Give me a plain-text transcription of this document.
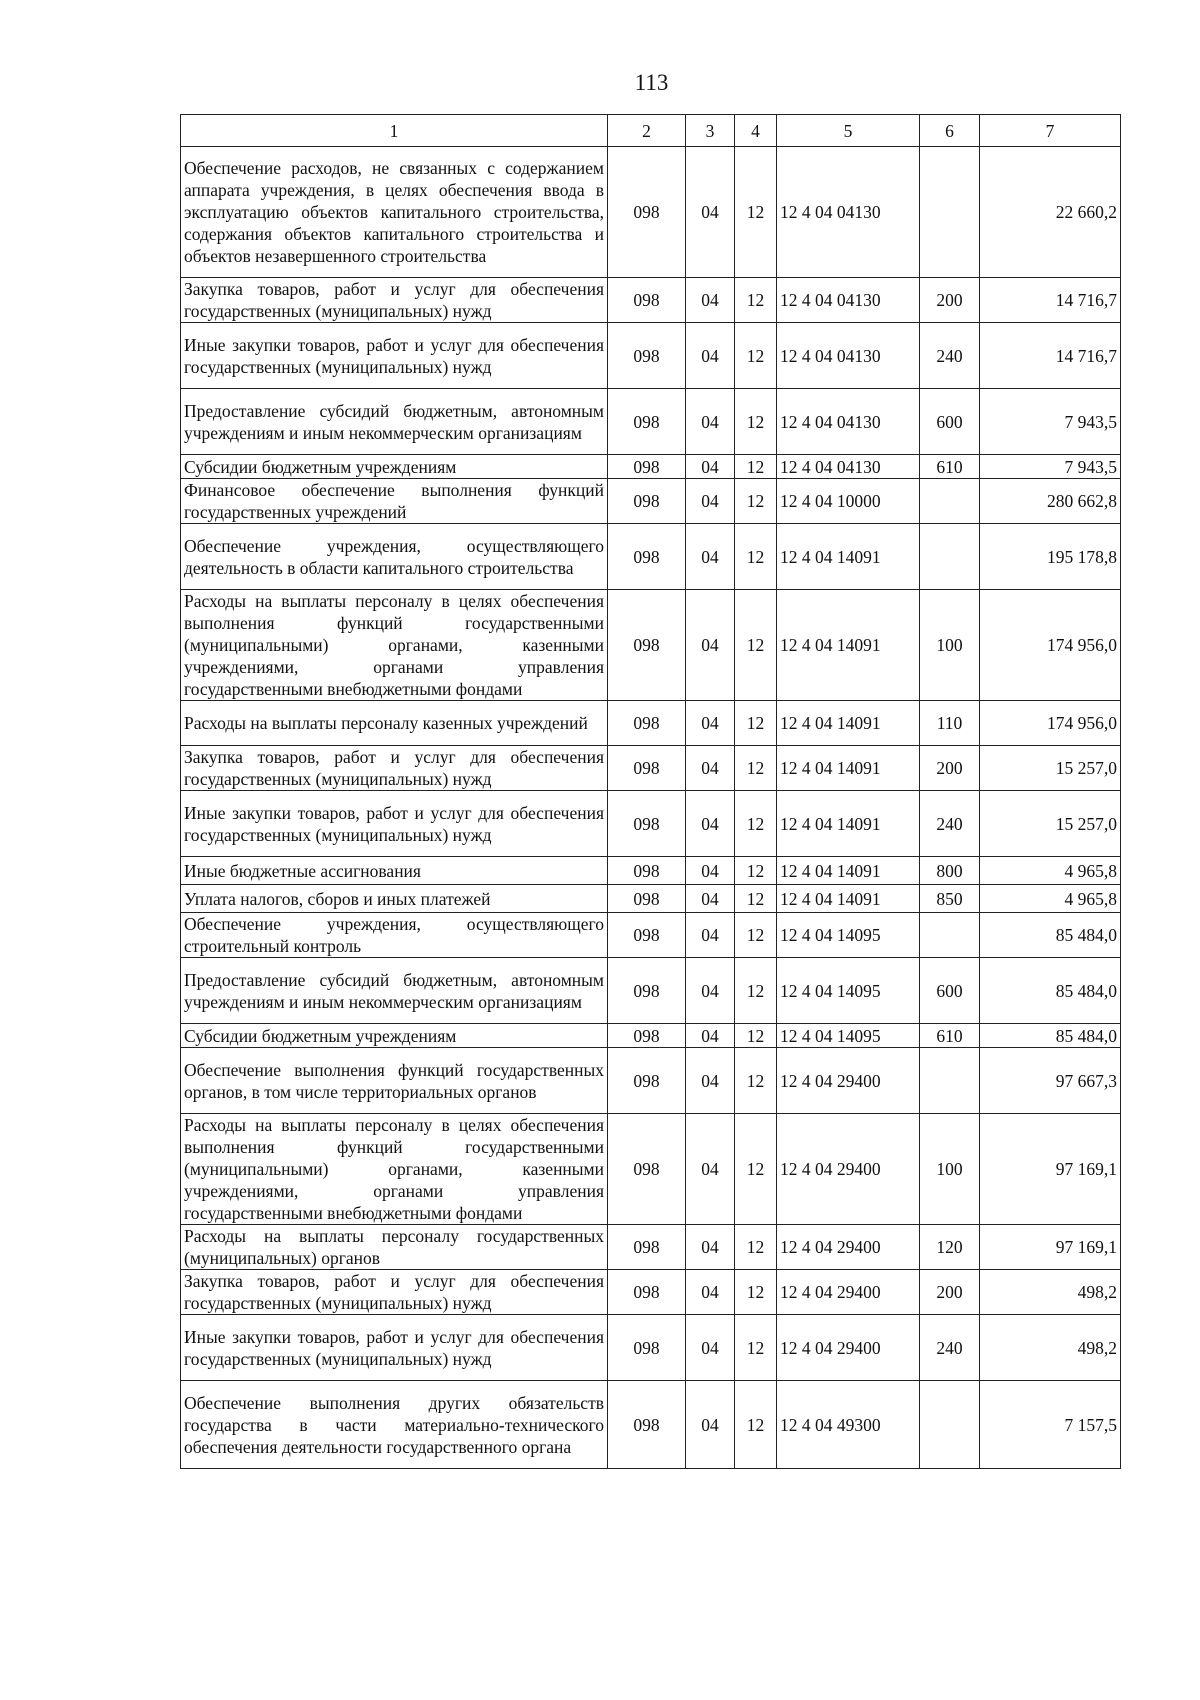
113
1	2	3	4	5	6	7
Обеспечение расходов, не связанных с содержанием аппарата учреждения, в целях обеспечения ввода в эксплуатацию объектов капитального строительства, содержания объектов капитального строительства и объектов незавершенного строительства	098	04	12	12 4 04 04130		22 660,2
Закупка товаров, работ и услуг для обеспечения государственных (муниципальных) нужд	098	04	12	12 4 04 04130	200	14 716,7
Иные закупки товаров, работ и услуг для обеспечения государственных (муниципальных) нужд	098	04	12	12 4 04 04130	240	14 716,7
Предоставление субсидий бюджетным, автономным учреждениям и иным некоммерческим организациям	098	04	12	12 4 04 04130	600	7 943,5
Субсидии бюджетным учреждениям	098	04	12	12 4 04 04130	610	7 943,5
Финансовое обеспечение выполнения функций государственных учреждений	098	04	12	12 4 04 10000		280 662,8
Обеспечение учреждения, осуществляющего деятельность в области капитального строительства	098	04	12	12 4 04 14091		195 178,8
Расходы на выплаты персоналу в целях обеспечения выполнения функций государственными (муниципальными) органами, казенными учреждениями, органами управления государственными внебюджетными фондами	098	04	12	12 4 04 14091	100	174 956,0
Расходы на выплаты персоналу казенных учреждений	098	04	12	12 4 04 14091	110	174 956,0
Закупка товаров, работ и услуг для обеспечения государственных (муниципальных) нужд	098	04	12	12 4 04 14091	200	15 257,0
Иные закупки товаров, работ и услуг для обеспечения государственных (муниципальных) нужд	098	04	12	12 4 04 14091	240	15 257,0
Иные бюджетные ассигнования	098	04	12	12 4 04 14091	800	4 965,8
Уплата налогов, сборов и иных платежей	098	04	12	12 4 04 14091	850	4 965,8
Обеспечение учреждения, осуществляющего строительный контроль	098	04	12	12 4 04 14095		85 484,0
Предоставление субсидий бюджетным, автономным учреждениям и иным некоммерческим организациям	098	04	12	12 4 04 14095	600	85 484,0
Субсидии бюджетным учреждениям	098	04	12	12 4 04 14095	610	85 484,0
Обеспечение выполнения функций государственных органов, в том числе территориальных органов	098	04	12	12 4 04 29400		97 667,3
Расходы на выплаты персоналу в целях обеспечения выполнения функций государственными (муниципальными) органами, казенными учреждениями, органами управления государственными внебюджетными фондами	098	04	12	12 4 04 29400	100	97 169,1
Расходы на выплаты персоналу государственных (муниципальных) органов	098	04	12	12 4 04 29400	120	97 169,1
Закупка товаров, работ и услуг для обеспечения государственных (муниципальных) нужд	098	04	12	12 4 04 29400	200	498,2
Иные закупки товаров, работ и услуг для обеспечения государственных (муниципальных) нужд	098	04	12	12 4 04 29400	240	498,2
Обеспечение выполнения других обязательств государства в части материально-технического обеспечения деятельности государственного органа	098	04	12	12 4 04 49300		7 157,5
